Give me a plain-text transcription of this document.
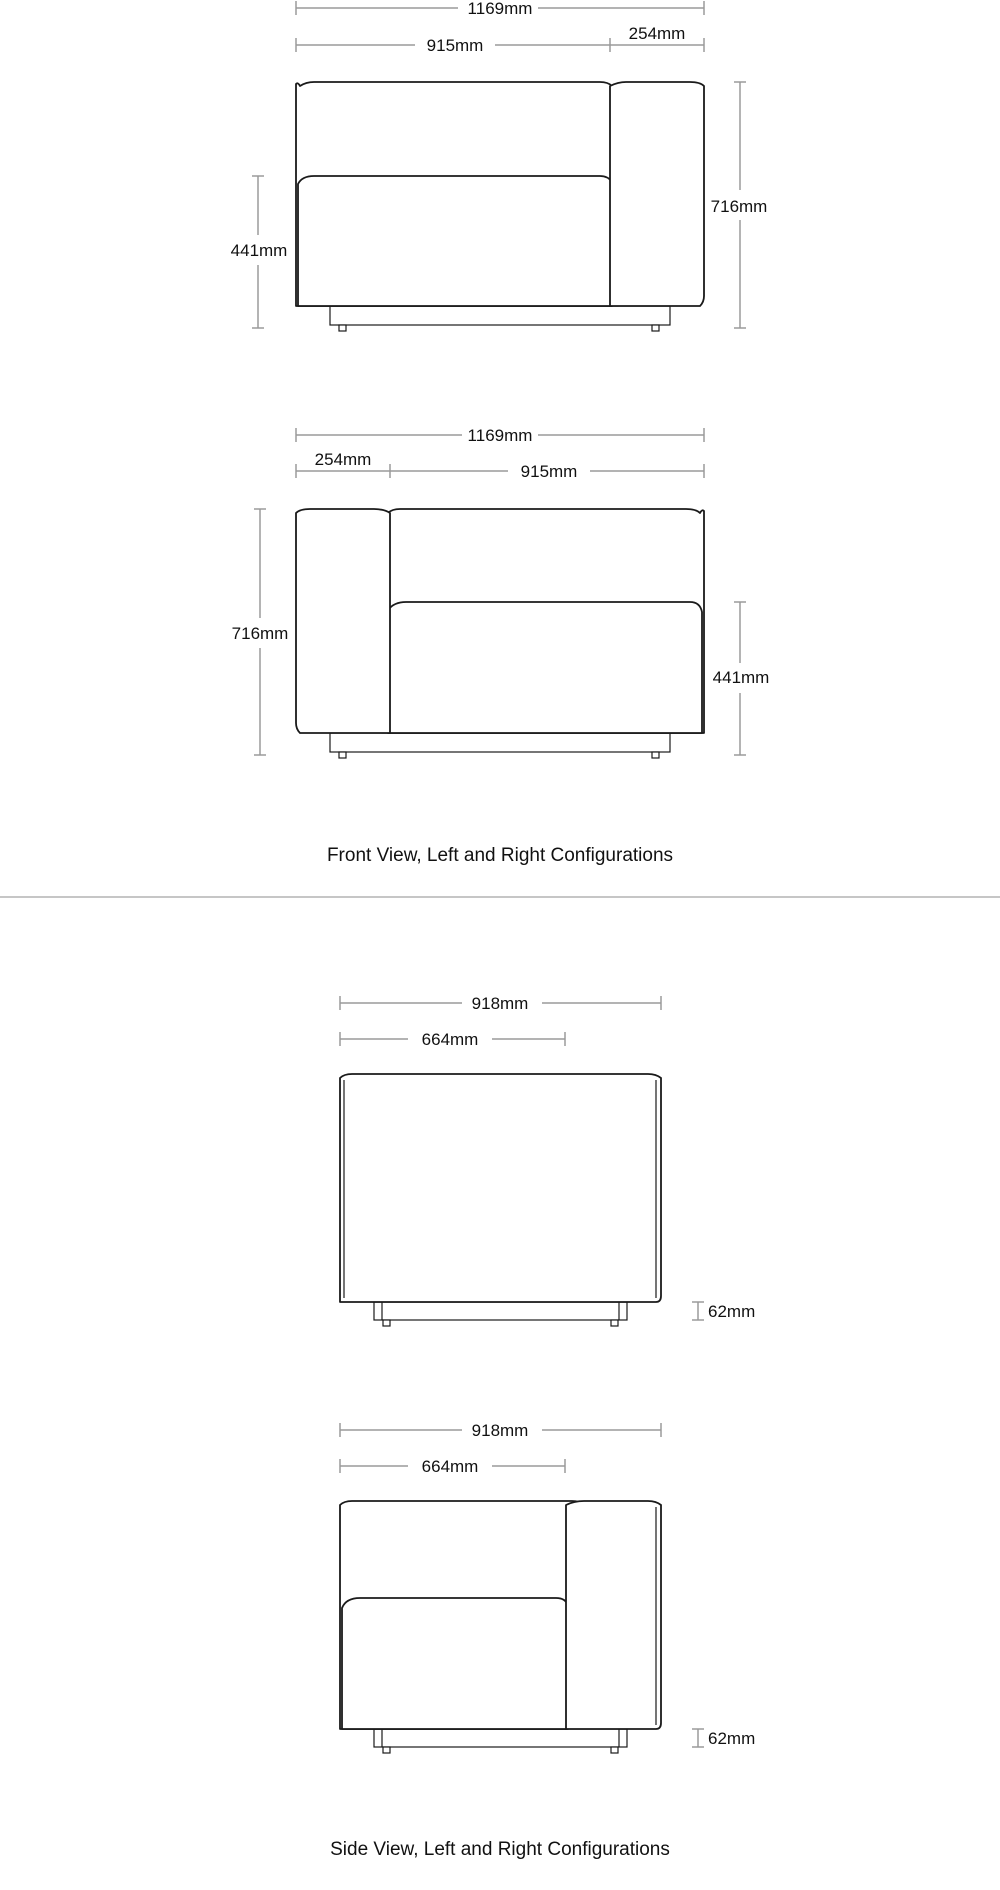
1169mm
915mm
254mm
441mm
716mm
1169mm
254mm
915mm
716mm
441mm
Front View, Left and Right Configurations
918mm
664mm
62mm
918mm
664mm
62mm
Side View, Left and Right Configurations
